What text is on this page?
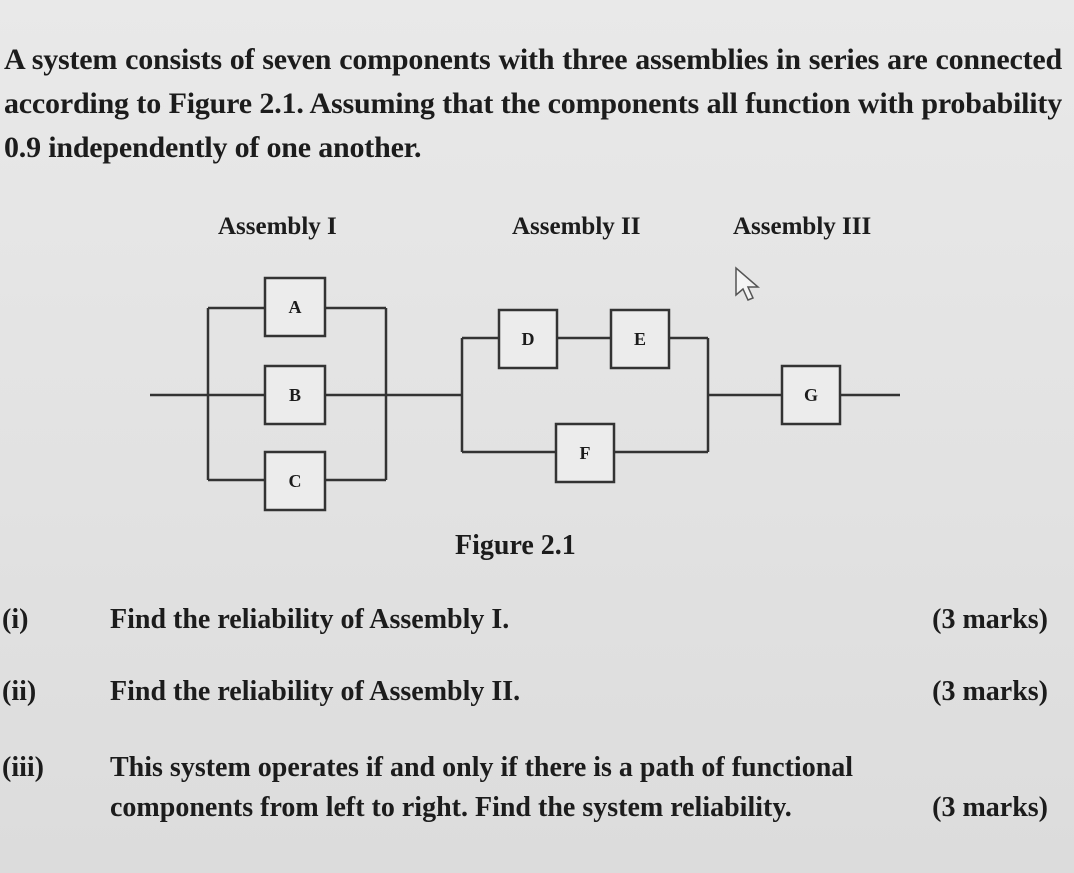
A system consists of seven components with three assemblies in series are connected according to Figure 2.1. Assuming that the components all function with probability 0.9 independently of one another.
Assembly I	Assembly II	Assembly III
A
B
C
D	E
F
G
Figure 2.1
(i)	Find the reliability of Assembly I.	(3 marks)
(ii)	Find the reliability of Assembly II.	(3 marks)
(iii) This system operates if and only if there is a path of functional
components from left to right. Find the system reliability.	(3 marks)
